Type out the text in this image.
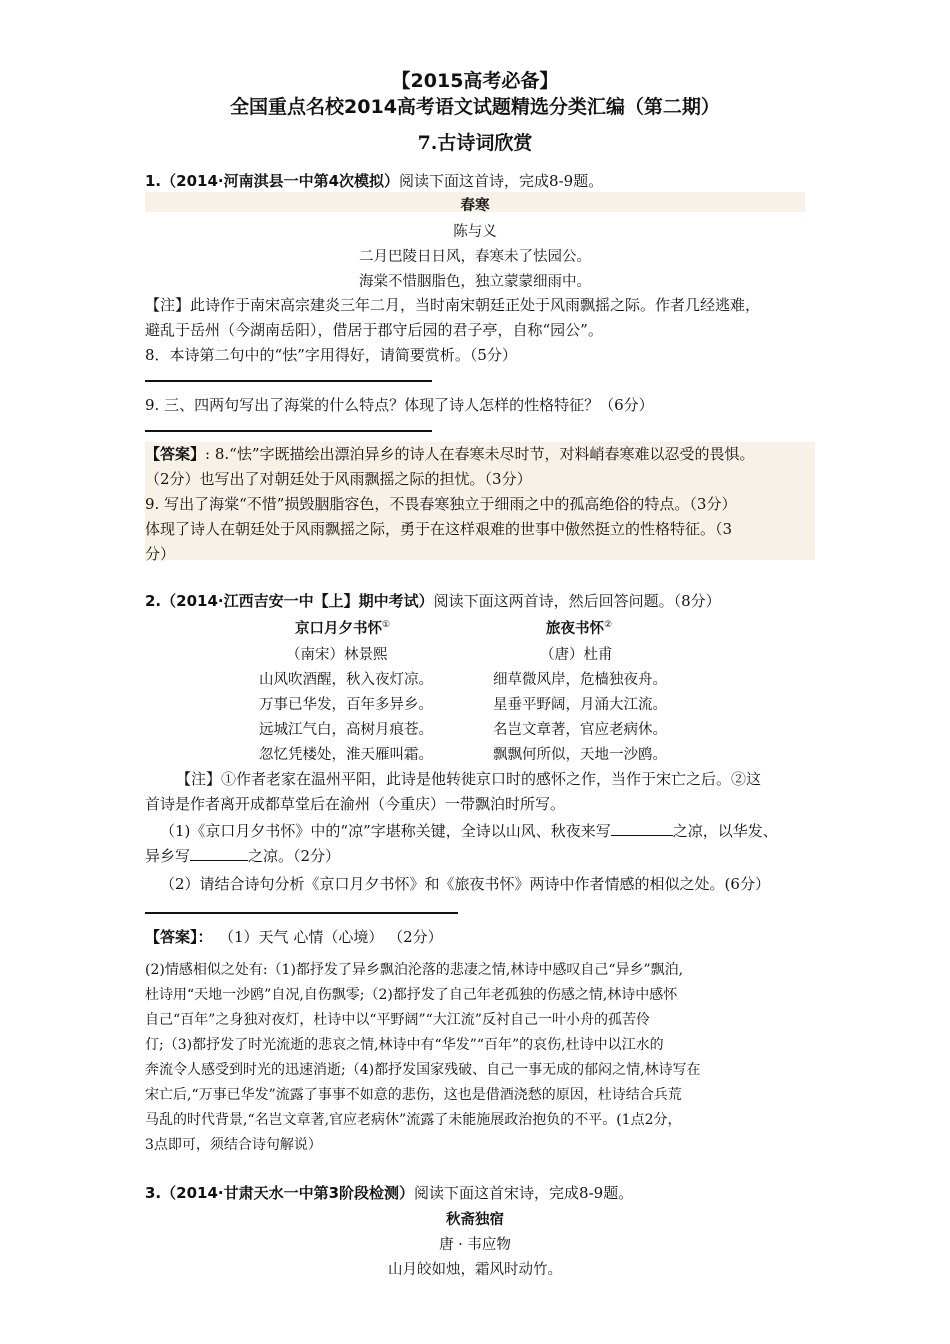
【2015高考必备】
全国重点名校2014高考语文试题精选分类汇编（第二期）
7.古诗词欣赏
1.（2014·河南淇县一中第4次模拟）阅读下面这首诗，完成8-9题。
春寒
陈与义
二月巴陵日日风，春寒未了怯园公。
海棠不惜胭脂色，独立蒙蒙细雨中。
【注】此诗作于南宋高宗建炎三年二月，当时南宋朝廷正处于风雨飘摇之际。作者几经逃难，
避乱于岳州（今湖南岳阳），借居于郡守后园的君子亭，自称“园公”。
8．本诗第二句中的“怯”字用得好，请简要赏析。（5分）
9. 三、四两句写出了海棠的什么特点？体现了诗人怎样的性格特征？（6分）
【答案】: 8.“怯”字既描绘出漂泊异乡的诗人在春寒未尽时节，对料峭春寒难以忍受的畏惧。
（2分）也写出了对朝廷处于风雨飘摇之际的担忧。（3分）
9. 写出了海棠“不惜”损毁胭脂容色，不畏春寒独立于细雨之中的孤高绝俗的特点。（3分）
体现了诗人在朝廷处于风雨飘摇之际，勇于在这样艰难的世事中傲然挺立的性格特征。（3
分）
2.（2014·江西吉安一中【上】期中考试）阅读下面这两首诗，然后回答问题。（8分）
京口月夕书怀①
（南宋）林景熙
山风吹酒醒，秋入夜灯凉。
万事已华发，百年多异乡。
远城江气白，高树月痕苍。
忽忆凭楼处，淮天雁叫霜。
旅夜书怀②
（唐）杜甫
细草微风岸，危樯独夜舟。
星垂平野阔，月涌大江流。
名岂文章著，官应老病休。
飘飘何所似，天地一沙鸥。
【注】①作者老家在温州平阳，此诗是他转徙京口时的感怀之作，当作于宋亡之后。②这
首诗是作者离开成都草堂后在渝州（今重庆）一带飘泊时所写。
（1)《京口月夕书怀》中的“凉”字堪称关键，全诗以山风、秋夜来写	之凉，以华发、
异乡写	之凉。（2分）
（2）请结合诗句分析《京口月夕书怀》和《旅夜书怀》两诗中作者情感的相似之处。(6分）
【答案】： （1）天气 心情（心境） （2分）
(2)情感相似之处有:（1)都抒发了异乡飘泊沦落的悲凄之情,林诗中感叹自己“异乡”飘泊,
杜诗用“天地一沙鸥”自况,自伤飘零;（2)都抒发了自己年老孤独的伤感之情,林诗中感怀
自己“百年”之身独对夜灯，杜诗中以“平野阔”“大江流”反衬自己一叶小舟的孤苦伶
仃;（3)都抒发了时光流逝的悲哀之情,林诗中有“华发”“百年”的哀伤,杜诗中以江水的
奔流令人感受到时光的迅速消逝;（4)都抒发国家残破、自己一事无成的郁闷之情,林诗写在
宋亡后,“万事已华发”流露了事事不如意的悲伤，这也是借酒浇愁的原因，杜诗结合兵荒
马乱的时代背景,“名岂文章著,官应老病休”流露了未能施展政治抱负的不平。(1点2分，
3点即可，须结合诗句解说）
3.（2014·甘肃天水一中第3阶段检测）阅读下面这首宋诗，完成8-9题。
秋斋独宿
唐 · 韦应物
山月皎如烛，霜风时动竹。
